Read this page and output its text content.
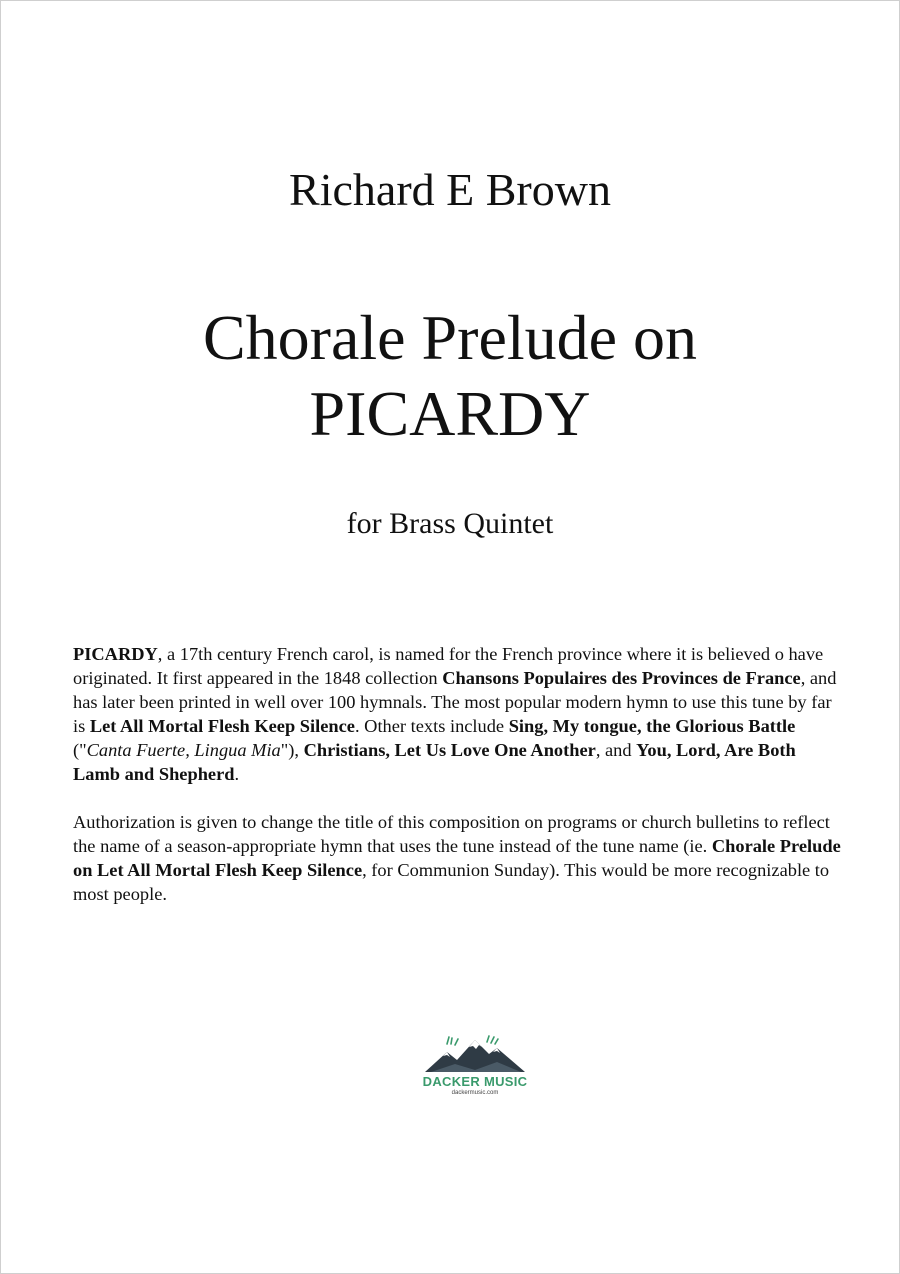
Richard E Brown
Chorale Prelude on
PICARDY
for Brass Quintet

PICARDY, a 17th century French carol, is named for the French province where it is believed o have originated. It first appeared in the 1848 collection Chansons Populaires des Provinces de France, and has later been printed in well over 100 hymnals. The most popular modern hymn to use this tune by far is Let All Mortal Flesh Keep Silence. Other texts include Sing, My tongue, the Glorious Battle ("Canta Fuerte, Lingua Mia"), Christians, Let Us Love One Another, and You, Lord, Are Both Lamb and Shepherd.

Authorization is given to change the title of this composition on programs or church bulletins to reflect the name of a season-appropriate hymn that uses the tune instead of the tune name (ie. Chorale Prelude on Let All Mortal Flesh Keep Silence, for Communion Sunday). This would be more recognizable to most people.

DACKER MUSIC
dackermusic.com
